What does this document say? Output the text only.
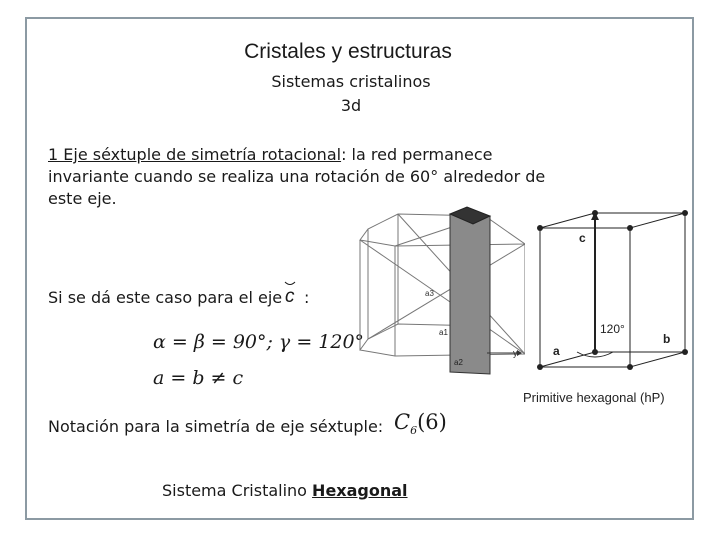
Cristales y estructuras
Sistemas cristalinos
3d
1 Eje séxtuple de simetría rotacional: la red permanece invariante cuando se realiza una rotación de 60° alrededor de este eje.
Si se dá este caso para el eje c :
α = β = 90°; γ = 120°
a = b ≠ c
Notación para la simetría de eje séxtuple: $C_6(6)$
Sistema Cristalino Hexagonal
a3
a1
y
a2
c
120°
b
a
Primitive hexagonal (hP)
